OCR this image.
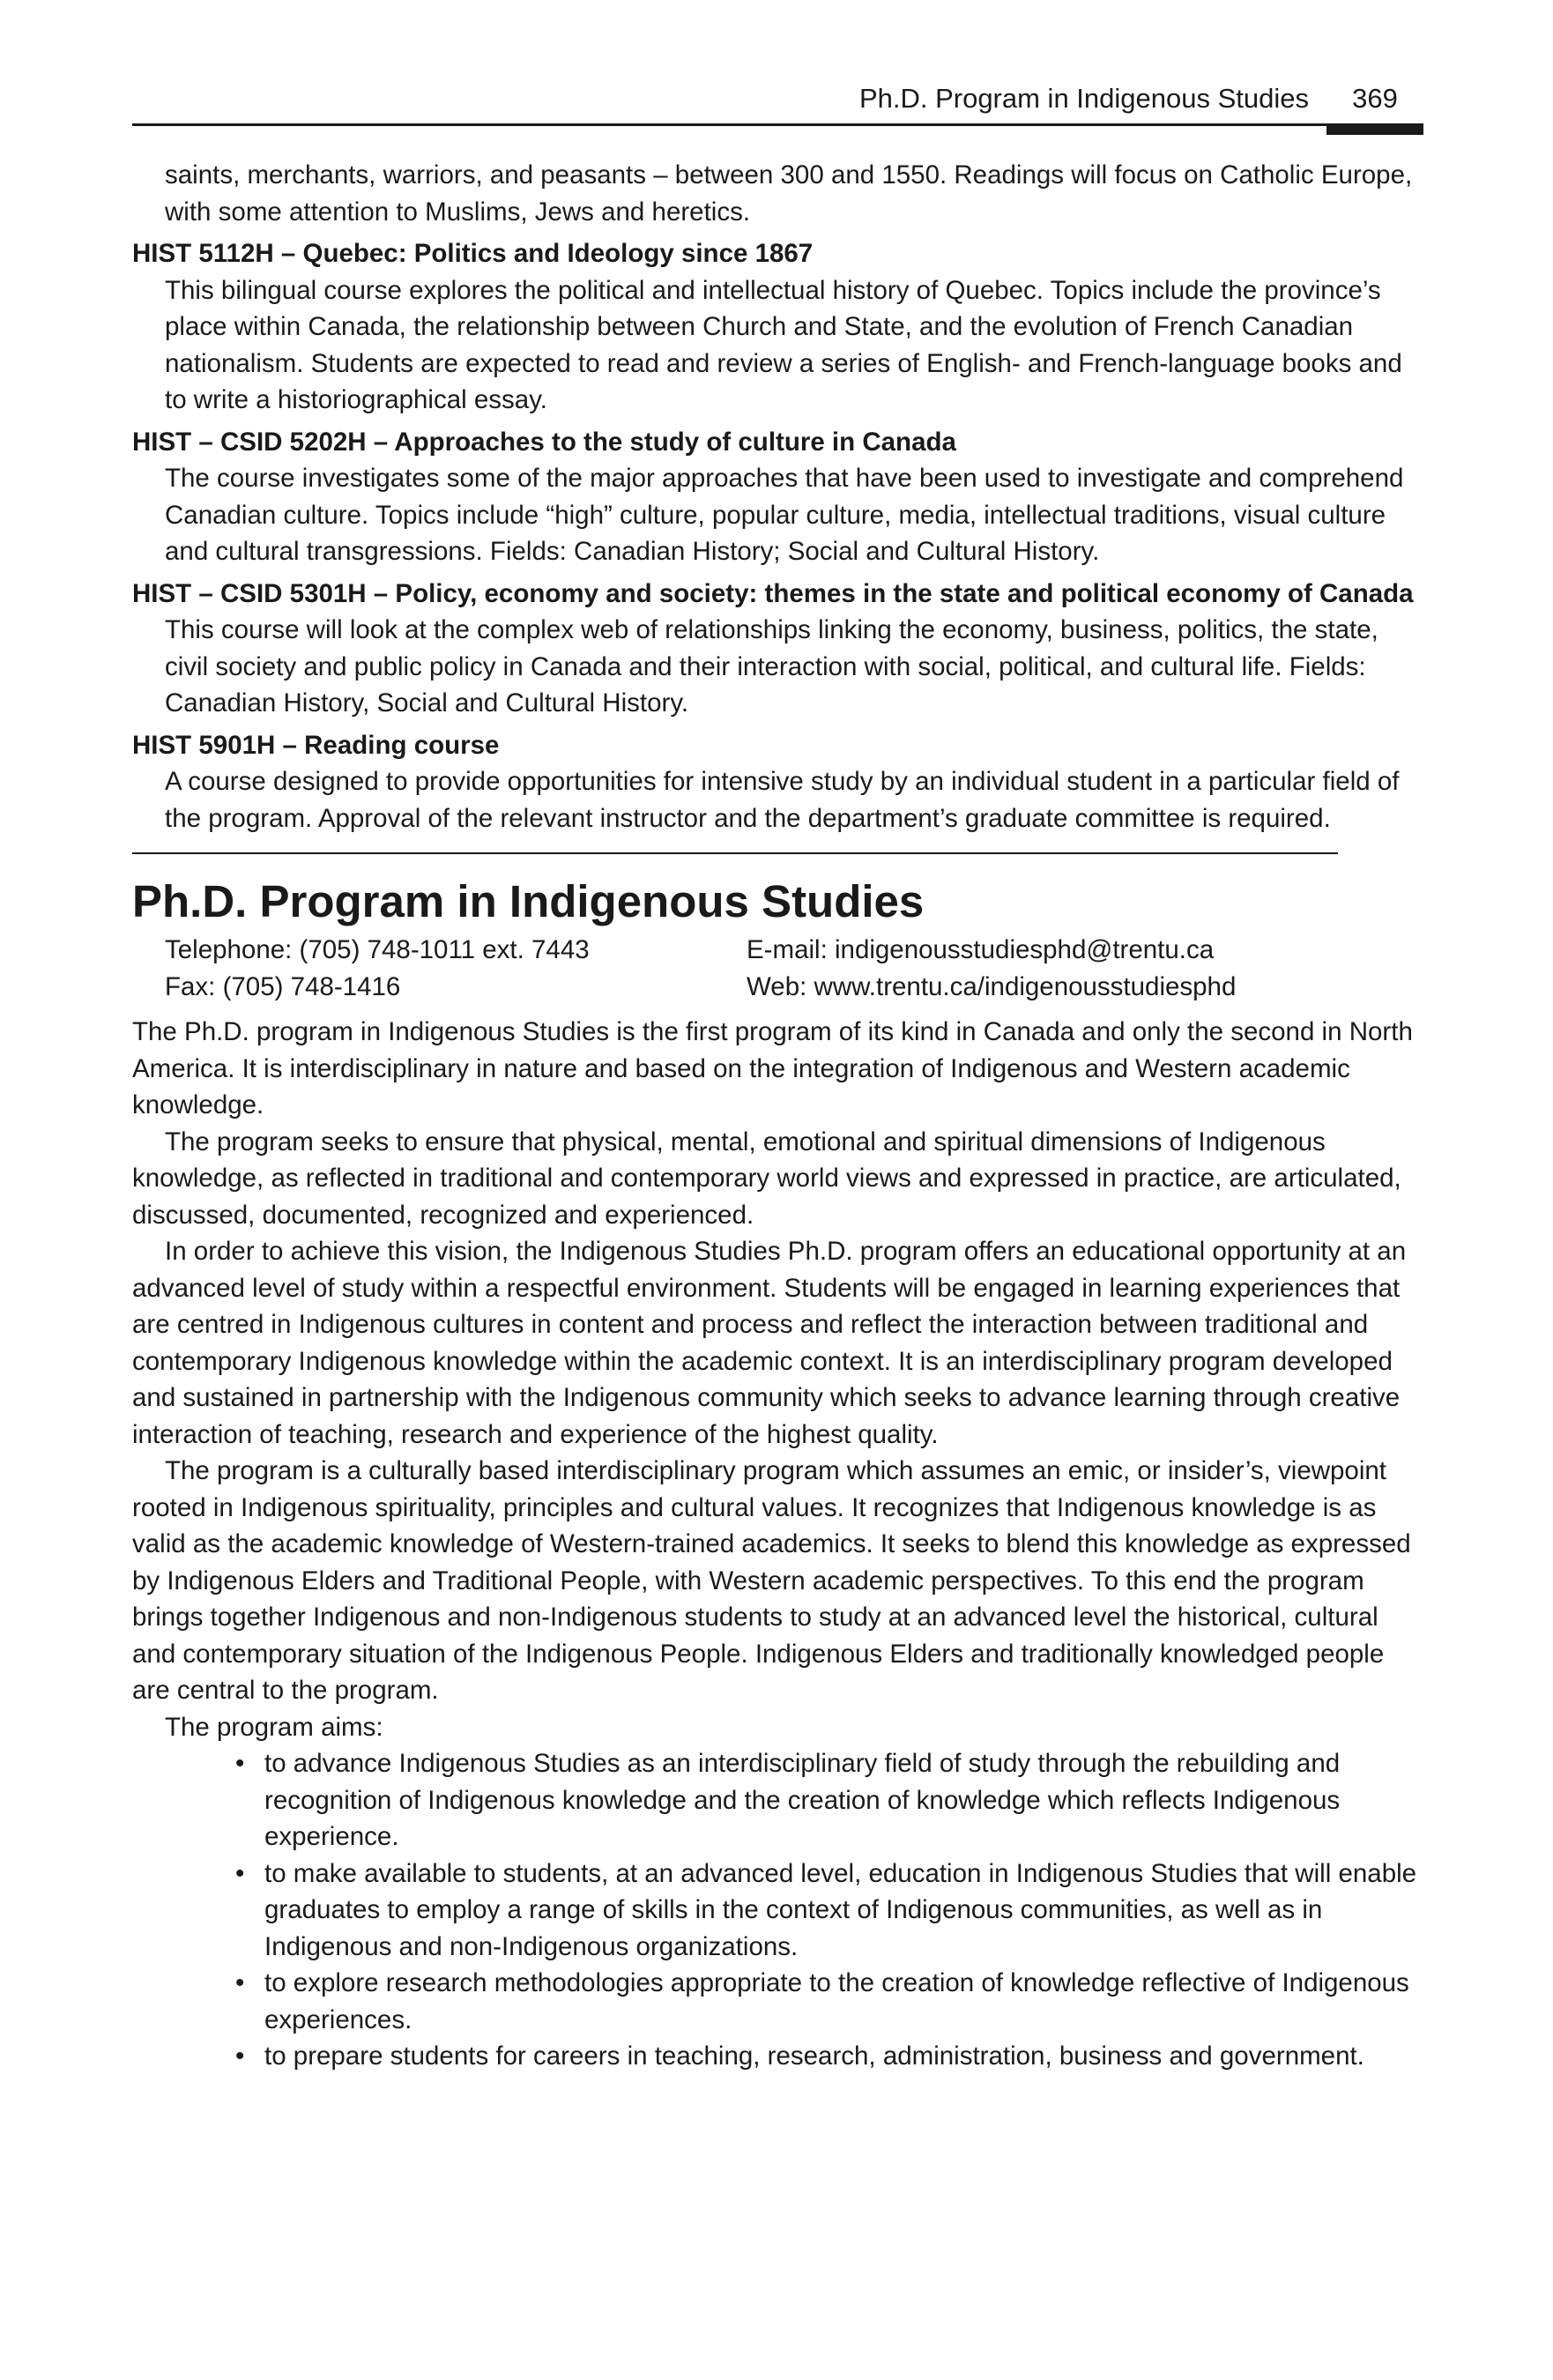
Ph.D. Program in Indigenous Studies	369

saints, merchants, warriors, and peasants – between 300 and 1550. Readings will focus on Catholic Europe, with some attention to Muslims, Jews and heretics.

HIST 5112H – Quebec: Politics and Ideology since 1867

This bilingual course explores the political and intellectual history of Quebec. Topics include the province’s place within Canada, the relationship between Church and State, and the evolution of French Canadian nationalism. Students are expected to read and review a series of English- and French-language books and to write a historiographical essay.

HIST – CSID 5202H – Approaches to the study of culture in Canada

The course investigates some of the major approaches that have been used to investigate and comprehend Canadian culture. Topics include “high” culture, popular culture, media, intellectual traditions, visual culture and cultural transgressions. Fields: Canadian History; Social and Cultural History.

HIST – CSID 5301H – Policy, economy and society: themes in the state and political economy of Canada

This course will look at the complex web of relationships linking the economy, business, politics, the state, civil society and public policy in Canada and their interaction with social, political, and cultural life. Fields: Canadian History, Social and Cultural History.

HIST 5901H – Reading course

A course designed to provide opportunities for intensive study by an individual student in a particular field of the program. Approval of the relevant instructor and the department’s graduate committee is required.

Ph.D. Program in Indigenous Studies
Telephone: (705) 748-1011 ext. 7443	E-mail: indigenousstudiesphd@trentu.ca
Fax: (705) 748-1416	Web: www.trentu.ca/indigenousstudiesphd

The Ph.D. program in Indigenous Studies is the first program of its kind in Canada and only the second in North America. It is interdisciplinary in nature and based on the integration of Indigenous and Western academic knowledge.

The program seeks to ensure that physical, mental, emotional and spiritual dimensions of Indigenous knowledge, as reflected in traditional and contemporary world views and expressed in practice, are articulated, discussed, documented, recognized and experienced.

In order to achieve this vision, the Indigenous Studies Ph.D. program offers an educational opportunity at an advanced level of study within a respectful environment. Students will be engaged in learning experiences that are centred in Indigenous cultures in content and process and reflect the interaction between traditional and contemporary Indigenous knowledge within the academic context. It is an interdisciplinary program developed and sustained in partnership with the Indigenous community which seeks to advance learning through creative interaction of teaching, research and experience of the highest quality.

The program is a culturally based interdisciplinary program which assumes an emic, or insider’s, viewpoint rooted in Indigenous spirituality, principles and cultural values. It recognizes that Indigenous knowledge is as valid as the academic knowledge of Western-trained academics. It seeks to blend this knowledge as expressed by Indigenous Elders and Traditional People, with Western academic perspectives. To this end the program brings together Indigenous and non-Indigenous students to study at an advanced level the historical, cultural and contemporary situation of the Indigenous People. Indigenous Elders and traditionally knowledged people are central to the program.

The program aims:

• to advance Indigenous Studies as an interdisciplinary field of study through the rebuilding and recognition of Indigenous knowledge and the creation of knowledge which reflects Indigenous experience.
• to make available to students, at an advanced level, education in Indigenous Studies that will enable graduates to employ a range of skills in the context of Indigenous communities, as well as in Indigenous and non-Indigenous organizations.
• to explore research methodologies appropriate to the creation of knowledge reflective of Indigenous experiences.
• to prepare students for careers in teaching, research, administration, business and government.
